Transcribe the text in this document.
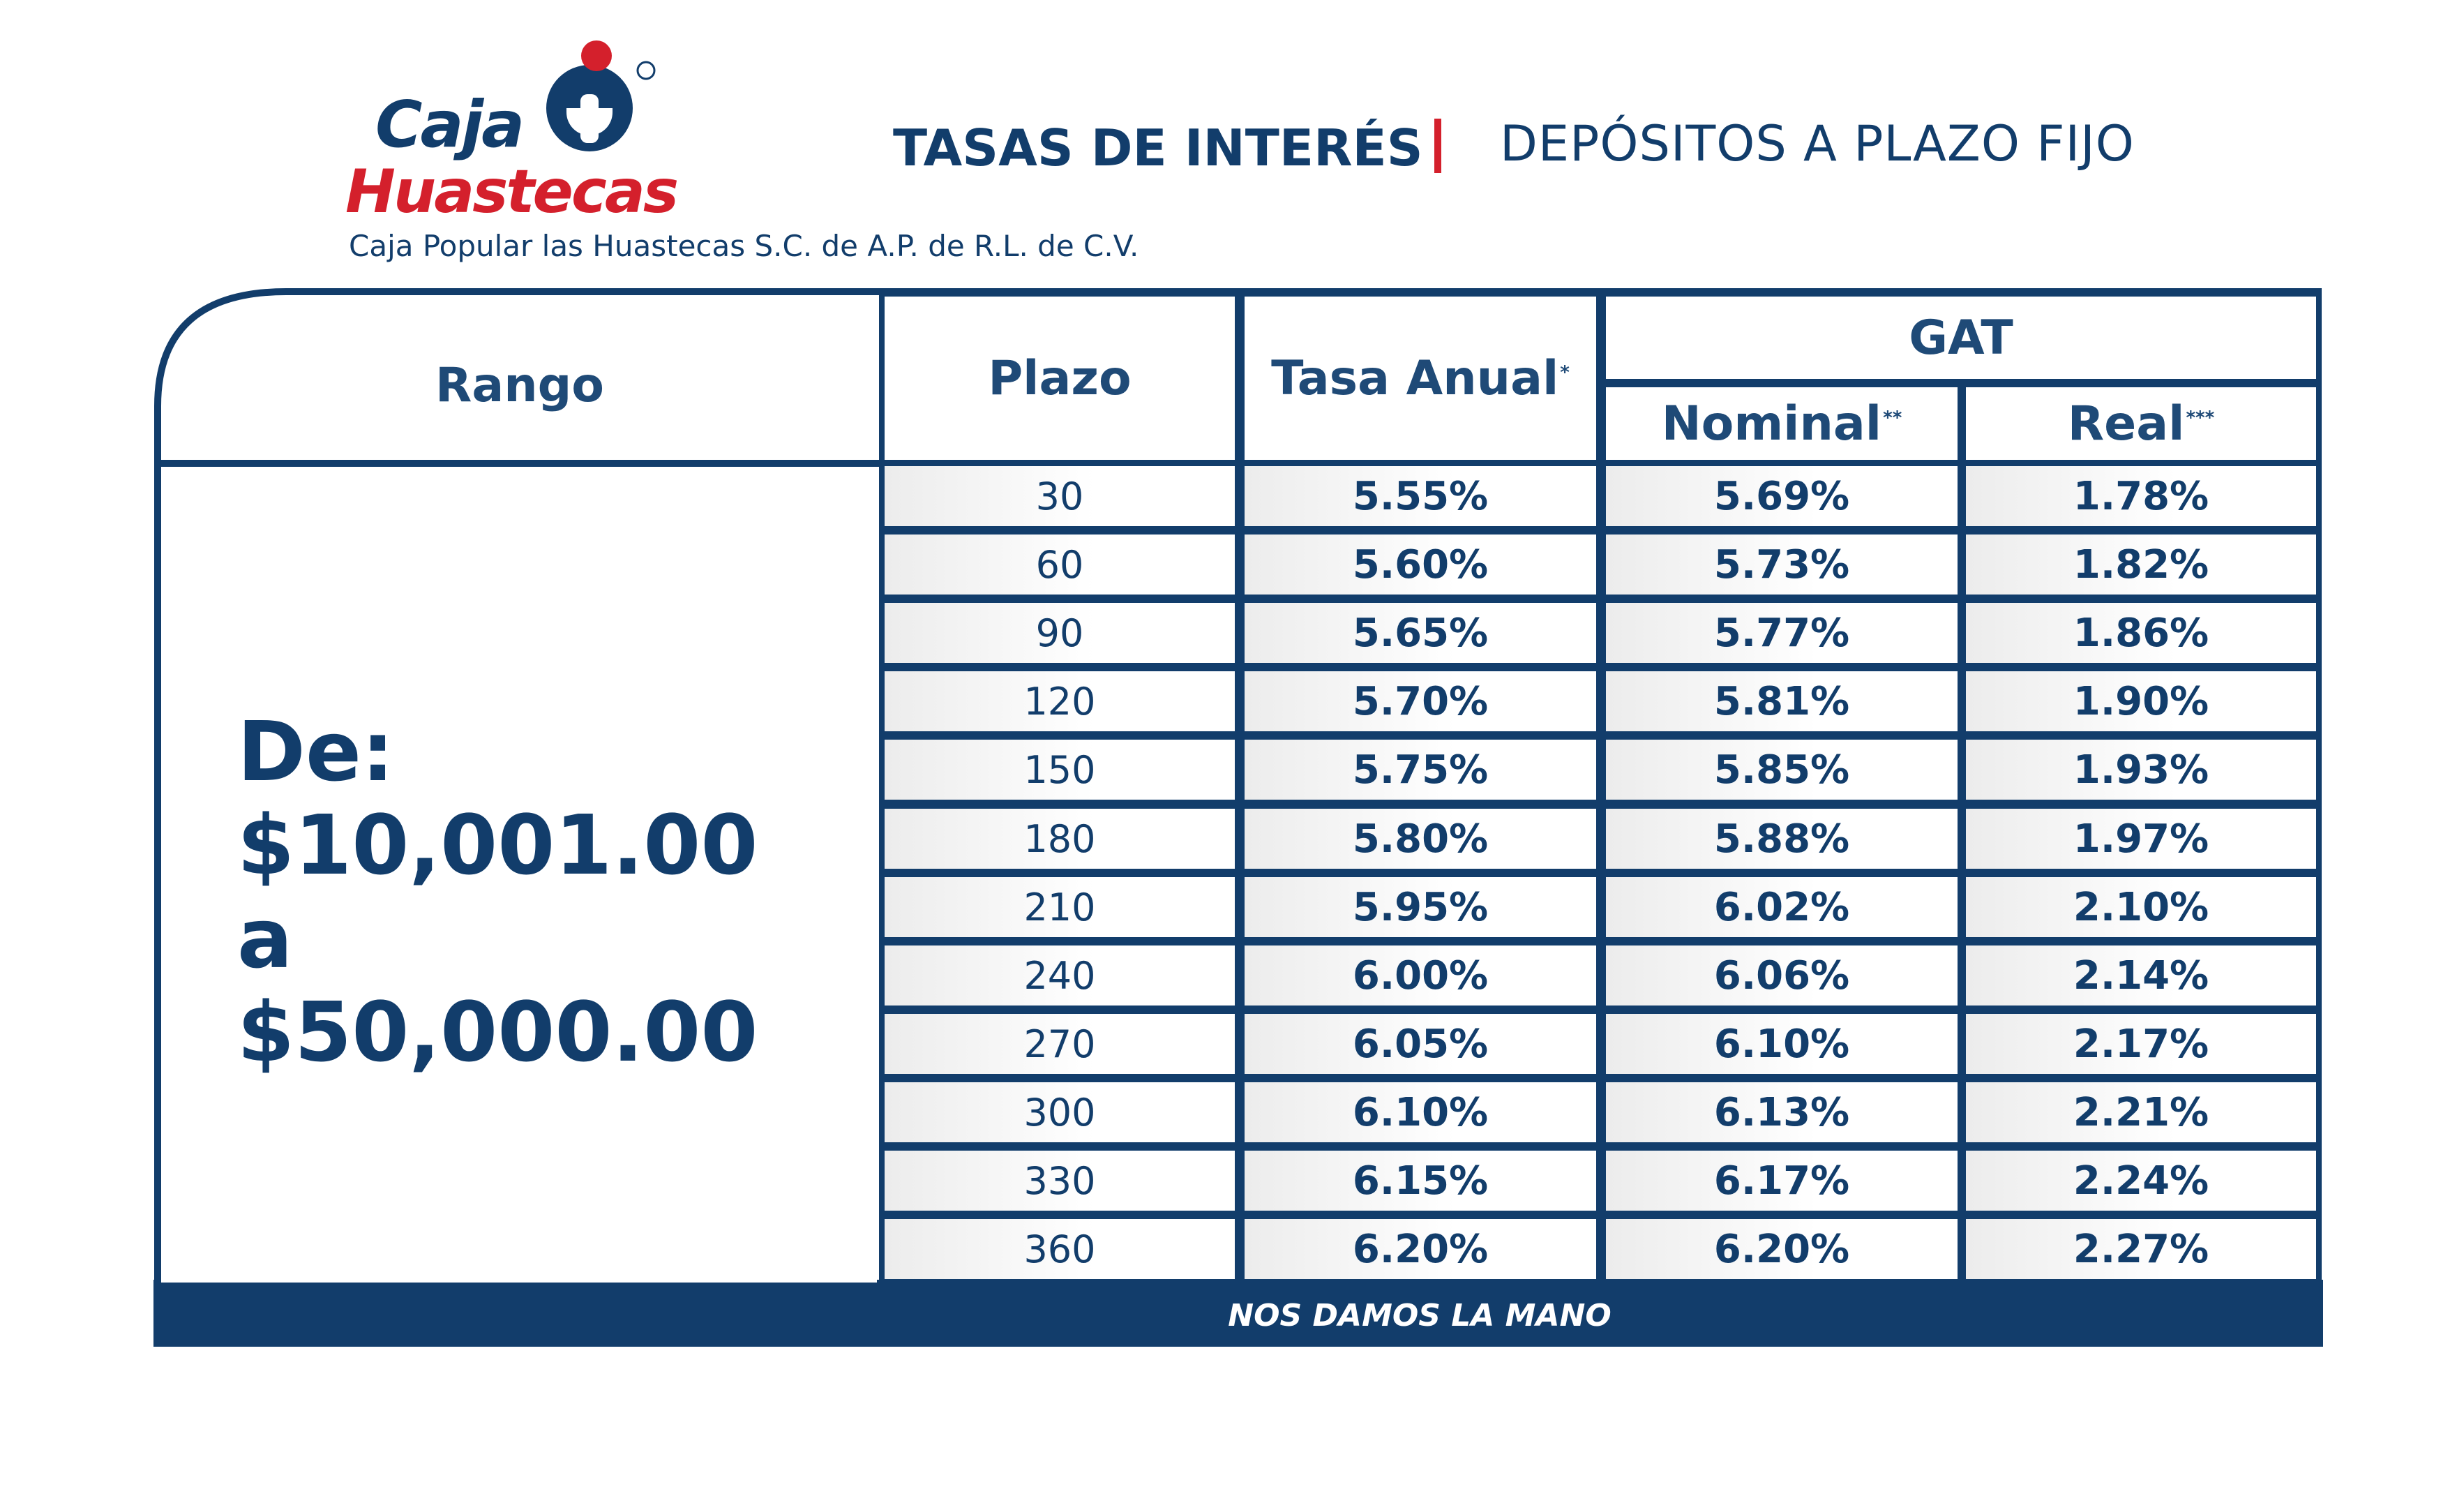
Caja
Huastecas
Caja Popular las Huastecas S.C. de A.P. de R.L. de C.V.
TASAS DE INTERÉS DEPÓSITOS A PLAZO FIJO
Rango	Plazo	Tasa Anual*
GAT
Nominal**	Real***
De:
$10,001.00
a
$50,000.00
30	5.55%	5.69%	1.78%
60	5.60%	5.73%	1.82%
90	5.65%	5.77%	1.86%
120	5.70%	5.81%	1.90%
150	5.75%	5.85%	1.93%
180	5.80%	5.88%	1.97%
210	5.95%	6.02%	2.10%
240	6.00%	6.06%	2.14%
270	6.05%	6.10%	2.17%
300	6.10%	6.13%	2.21%
330	6.15%	6.17%	2.24%
360	6.20%	6.20%	2.27%
NOS DAMOS LA MANO
